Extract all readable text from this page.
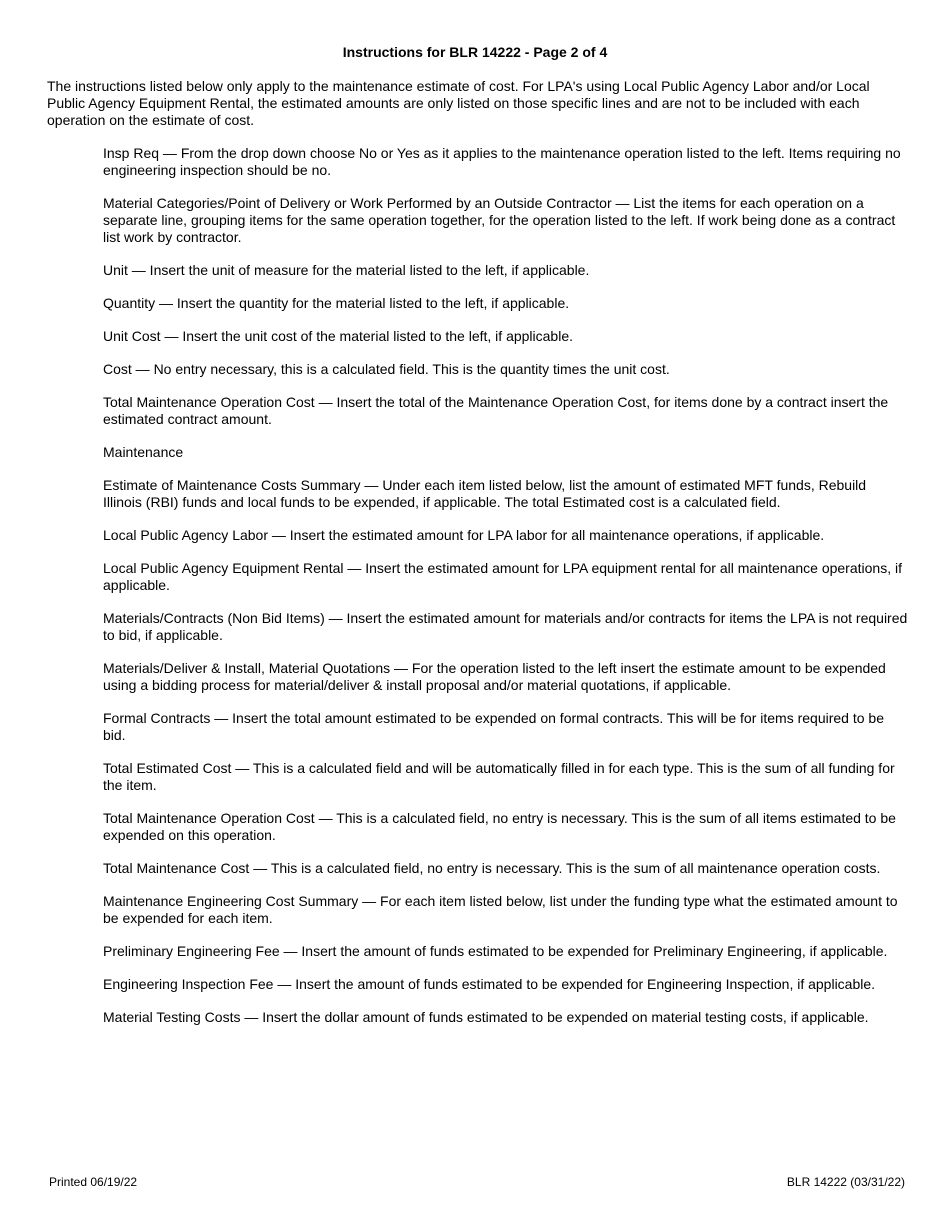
Instructions for BLR 14222 - Page 2 of 4

The instructions listed below only apply to the maintenance estimate of cost. For LPA's using Local Public Agency Labor and/or Local Public Agency Equipment Rental, the estimated amounts are only listed on those specific lines and are not to be included with each operation on the estimate of cost.

Insp Req — From the drop down choose No or Yes as it applies to the maintenance operation listed to the left. Items requiring no engineering inspection should be no.
Material Categories/Point of Delivery or Work Performed by an Outside Contractor — List the items for each operation on a separate line, grouping items for the same operation together, for the operation listed to the left. If work being done as a contract list work by contractor.
Unit — Insert the unit of measure for the material listed to the left, if applicable.
Quantity — Insert the quantity for the material listed to the left, if applicable.
Unit Cost — Insert the unit cost of the material listed to the left, if applicable.
Cost — No entry necessary, this is a calculated field. This is the quantity times the unit cost.
Total Maintenance Operation Cost — Insert the total of the Maintenance Operation Cost, for items done by a contract insert the estimated contract amount.
Maintenance
Estimate of Maintenance Costs Summary — Under each item listed below, list the amount of estimated MFT funds, Rebuild Illinois (RBI) funds and local funds to be expended, if applicable. The total Estimated cost is a calculated field.
Local Public Agency Labor — Insert the estimated amount for LPA labor for all maintenance operations, if applicable.
Local Public Agency Equipment Rental — Insert the estimated amount for LPA equipment rental for all maintenance operations, if applicable.
Materials/Contracts (Non Bid Items) — Insert the estimated amount for materials and/or contracts for items the LPA is not required to bid, if applicable.
Materials/Deliver & Install, Material Quotations — For the operation listed to the left insert the estimate amount to be expended using a bidding process for material/deliver & install proposal and/or material quotations, if applicable.
Formal Contracts — Insert the total amount estimated to be expended on formal contracts. This will be for items required to be bid.
Total Estimated Cost — This is a calculated field and will be automatically filled in for each type. This is the sum of all funding for the item.
Total Maintenance Operation Cost — This is a calculated field, no entry is necessary. This is the sum of all items estimated to be expended on this operation.
Total Maintenance Cost — This is a calculated field, no entry is necessary. This is the sum of all maintenance operation costs.
Maintenance Engineering Cost Summary — For each item listed below, list under the funding type what the estimated amount to be expended for each item.
Preliminary Engineering Fee — Insert the amount of funds estimated to be expended for Preliminary Engineering, if applicable.
Engineering Inspection Fee — Insert the amount of funds estimated to be expended for Engineering Inspection, if applicable.
Material Testing Costs — Insert the dollar amount of funds estimated to be expended on material testing costs, if applicable.
Printed 06/19/22	BLR 14222 (03/31/22)
